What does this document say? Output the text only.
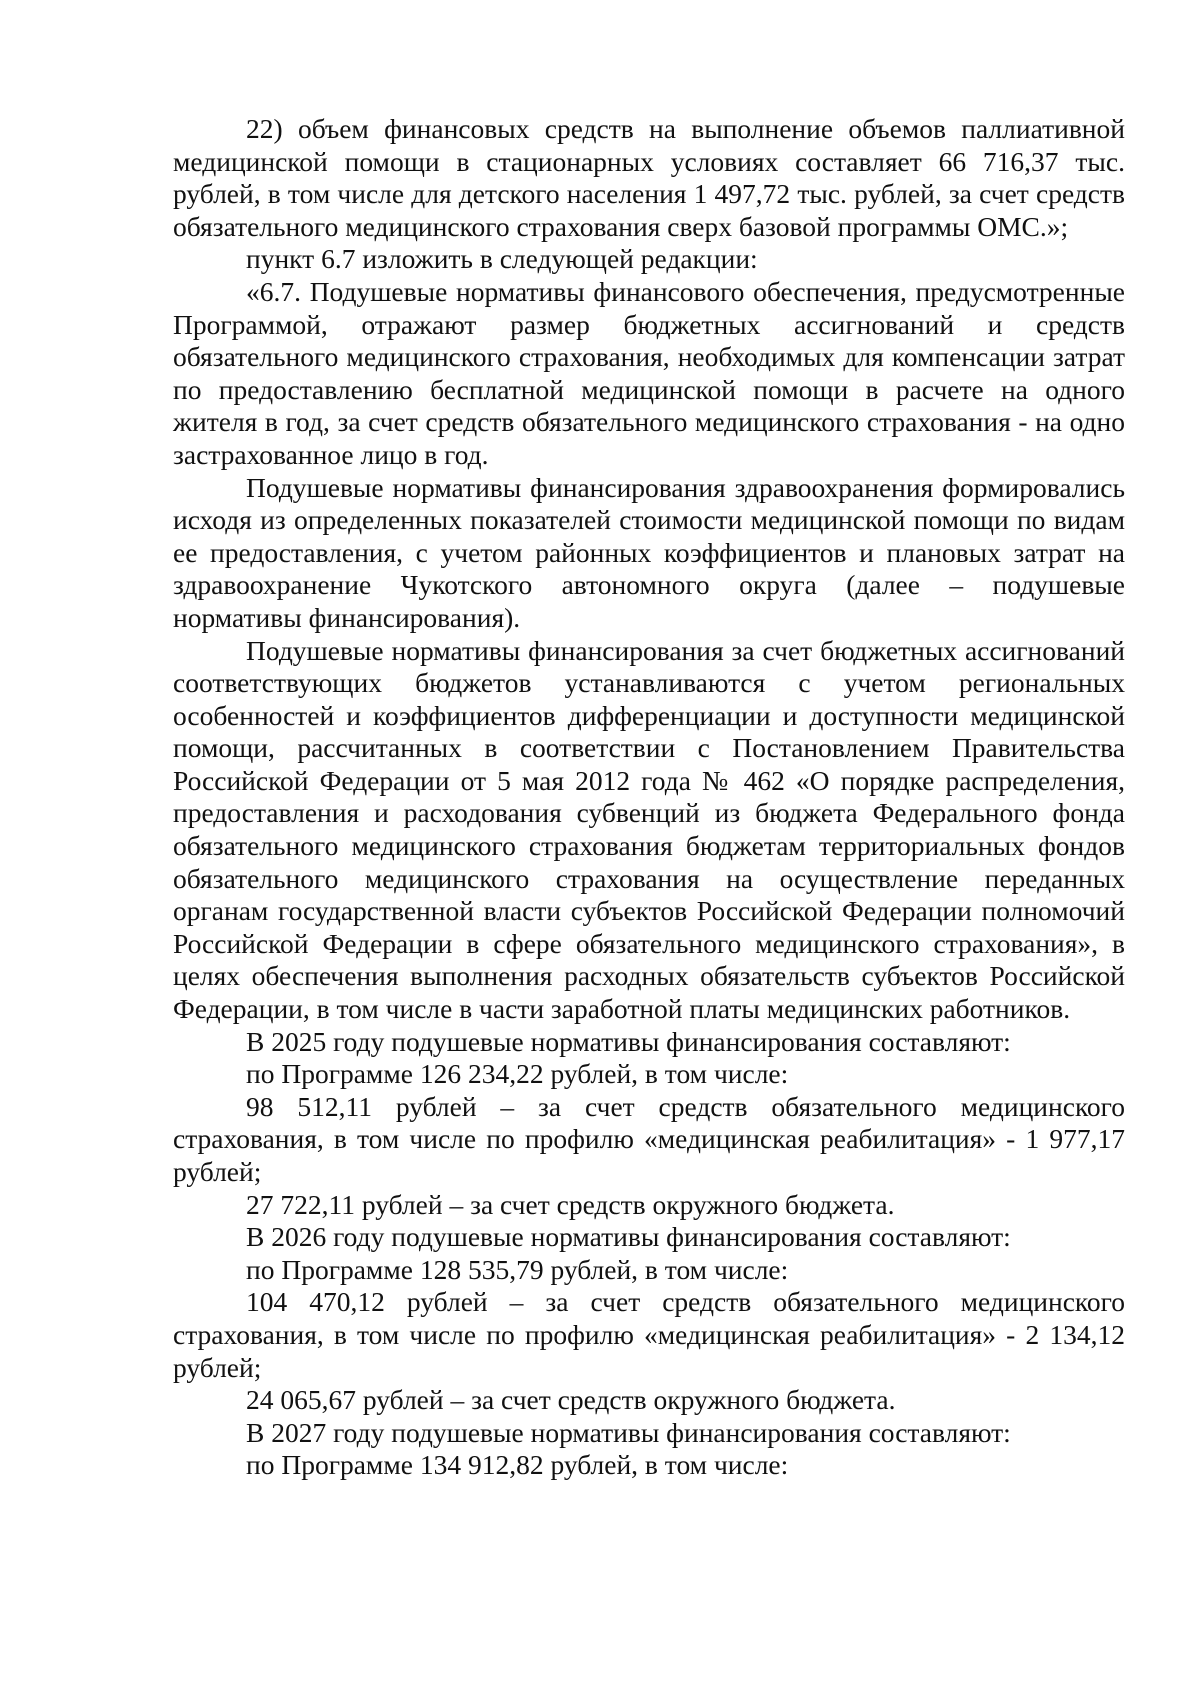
22) объем финансовых средств на выполнение объемов паллиативной медицинской помощи в стационарных условиях составляет 66 716,37 тыс. рублей, в том числе для детского населения 1 497,72 тыс. рублей, за счет средств обязательного медицинского страхования сверх базовой программы ОМС.»;

пункт 6.7 изложить в следующей редакции:

«6.7. Подушевые нормативы финансового обеспечения, предусмотренные Программой, отражают размер бюджетных ассигнований и средств обязательного медицинского страхования, необходимых для компенсации затрат по предоставлению бесплатной медицинской помощи в расчете на одного жителя в год, за счет средств обязательного медицинского страхования - на одно застрахованное лицо в год.

Подушевые нормативы финансирования здравоохранения формировались исходя из определенных показателей стоимости медицинской помощи по видам ее предоставления, с учетом районных коэффициентов и плановых затрат на здравоохранение Чукотского автономного округа (далее – подушевые нормативы финансирования).

Подушевые нормативы финансирования за счет бюджетных ассигнований соответствующих бюджетов устанавливаются с учетом региональных особенностей и коэффициентов дифференциации и доступности медицинской помощи, рассчитанных в соответствии с Постановлением Правительства Российской Федерации от 5 мая 2012 года № 462 «О порядке распределения, предоставления и расходования субвенций из бюджета Федерального фонда обязательного медицинского страхования бюджетам территориальных фондов обязательного медицинского страхования на осуществление переданных органам государственной власти субъектов Российской Федерации полномочий Российской Федерации в сфере обязательного медицинского страхования», в целях обеспечения выполнения расходных обязательств субъектов Российской Федерации, в том числе в части заработной платы медицинских работников.

В 2025 году подушевые нормативы финансирования составляют:

по Программе 126 234,22 рублей, в том числе:

98 512,11 рублей – за счет средств обязательного медицинского страхования, в том числе по профилю «медицинская реабилитация» - 1 977,17 рублей;

27 722,11 рублей – за счет средств окружного бюджета.

В 2026 году подушевые нормативы финансирования составляют:

по Программе 128 535,79 рублей, в том числе:

104 470,12 рублей – за счет средств обязательного медицинского страхования, в том числе по профилю «медицинская реабилитация» - 2 134,12 рублей;

24 065,67 рублей – за счет средств окружного бюджета.

В 2027 году подушевые нормативы финансирования составляют:

по Программе 134 912,82 рублей, в том числе:
